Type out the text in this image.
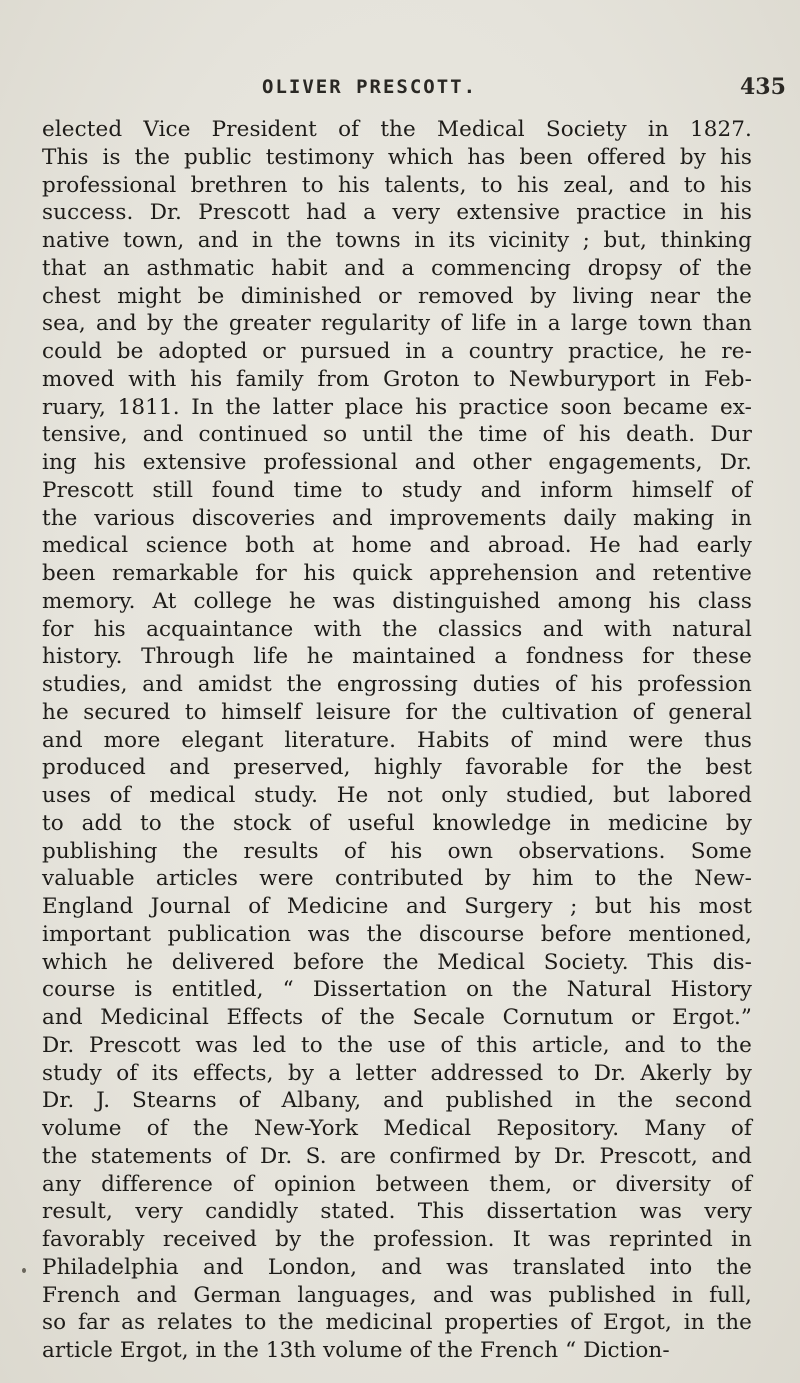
OLIVER PRESCOTT.	435
elected Vice President of the Medical Society in 1827.
This is the public testimony which has been offered by his
professional brethren to his talents, to his zeal, and to his
success. Dr. Prescott had a very extensive practice in his
native town, and in the towns in its vicinity ; but, thinking
that an asthmatic habit and a commencing dropsy of the
chest might be diminished or removed by living near the
sea, and by the greater regularity of life in a large town than
could be adopted or pursued in a country practice, he re-
moved with his family from Groton to Newburyport in Feb-
ruary, 1811. In the latter place his practice soon became ex-
tensive, and continued so until the time of his death. Dur
ing his extensive professional and other engagements, Dr.
Prescott still found time to study and inform himself of
the various discoveries and improvements daily making in
medical science both at home and abroad. He had early
been remarkable for his quick apprehension and retentive
memory. At college he was distinguished among his class
for his acquaintance with the classics and with natural
history. Through life he maintained a fondness for these
studies, and amidst the engrossing duties of his profession
he secured to himself leisure for the cultivation of general
and more elegant literature. Habits of mind were thus
produced and preserved, highly favorable for the best
uses of medical study. He not only studied, but labored
to add to the stock of useful knowledge in medicine by
publishing the results of his own observations. Some
valuable articles were contributed by him to the New-
England Journal of Medicine and Surgery ; but his most
important publication was the discourse before mentioned,
which he delivered before the Medical Society. This dis-
course is entitled, “ Dissertation on the Natural History
and Medicinal Effects of the Secale Cornutum or Ergot.”
Dr. Prescott was led to the use of this article, and to the
study of its effects, by a letter addressed to Dr. Akerly by
Dr. J. Stearns of Albany, and published in the second
volume of the New-York Medical Repository. Many of
the statements of Dr. S. are confirmed by Dr. Prescott, and
any difference of opinion between them, or diversity of
result, very candidly stated. This dissertation was very
favorably received by the profession. It was reprinted in
Philadelphia and London, and was translated into the
French and German languages, and was published in full,
so far as relates to the medicinal properties of Ergot, in the
article Ergot, in the 13th volume of the French “ Diction-
